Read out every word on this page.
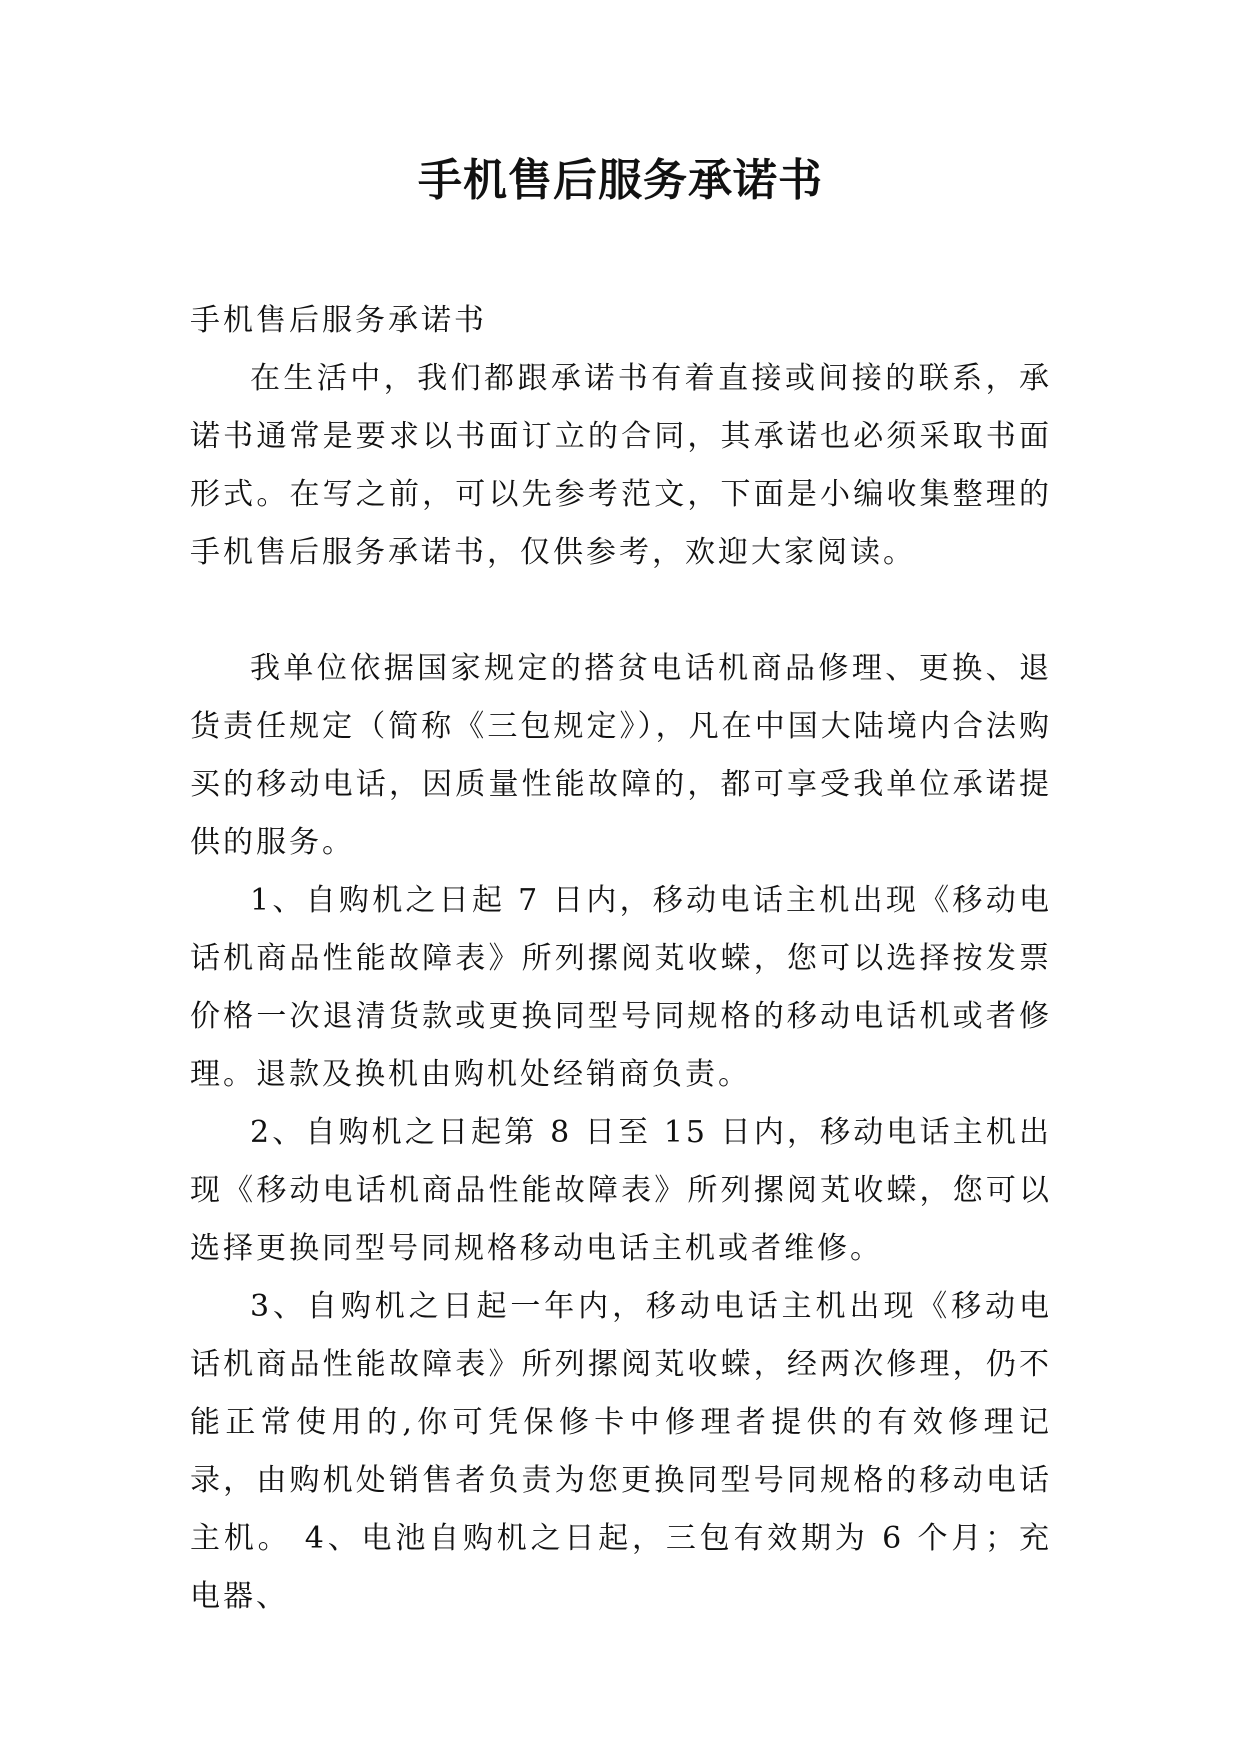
手机售后服务承诺书

手机售后服务承诺书

在生活中，我们都跟承诺书有着直接或间接的联系，承诺书通常是要求以书面订立的合同，其承诺也必须采取书面形式。在写之前，可以先参考范文，下面是小编收集整理的手机售后服务承诺书，仅供参考，欢迎大家阅读。

我单位依据国家规定的搭贫电话机商品修理、更换、退货责任规定（简称《三包规定》），凡在中国大陆境内合法购买的移动电话，因质量性能故障的，都可享受我单位承诺提供的服务。

1、自购机之日起 7 日内，移动电话主机出现《移动电话机商品性能故障表》所列摞阅芄收蝾，您可以选择按发票价格一次退清货款或更换同型号同规格的移动电话机或者修理。退款及换机由购机处经销商负责。

2、自购机之日起第 8 日至 15 日内，移动电话主机出现《移动电话机商品性能故障表》所列摞阅芄收蝾，您可以选择更换同型号同规格移动电话主机或者维修。

3、自购机之日起一年内，移动电话主机出现《移动电话机商品性能故障表》所列摞阅芄收蝾，经两次修理，仍不能正常使用的,你可凭保修卡中修理者提供的有效修理记录，由购机处销售者负责为您更换同型号同规格的移动电话主机。 4、电池自购机之日起，三包有效期为 6 个月；充电器、
